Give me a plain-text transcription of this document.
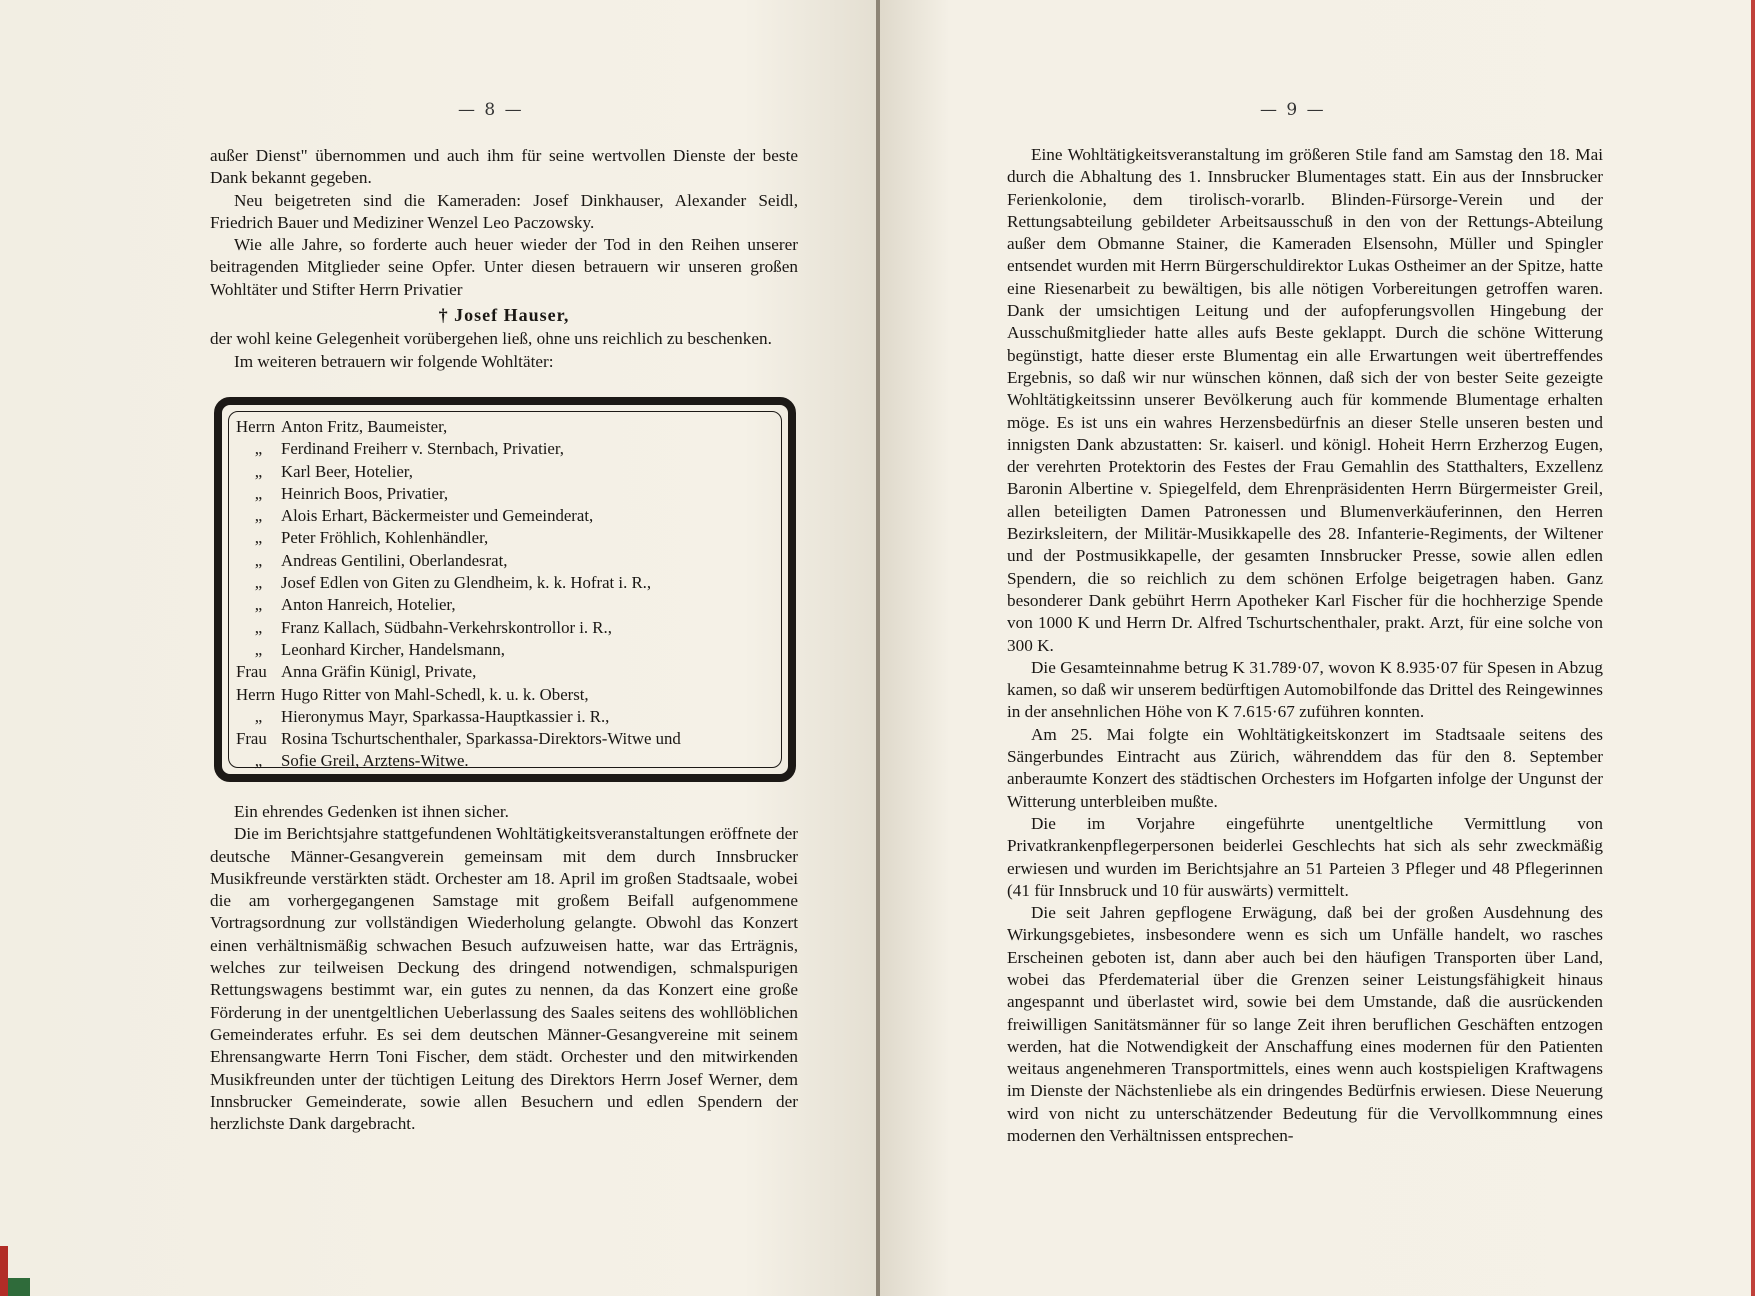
— 8 —

außer Dienst" übernommen und auch ihm für seine wertvollen Dienste der beste Dank bekannt gegeben.

Neu beigetreten sind die Kameraden: Josef Dinkhauser, Alexander Seidl, Friedrich Bauer und Mediziner Wenzel Leo Paczowsky.

Wie alle Jahre, so forderte auch heuer wieder der Tod in den Reihen unserer beitragenden Mitglieder seine Opfer. Unter diesen betrauern wir unseren großen Wohltäter und Stifter Herrn Privatier

† Josef Hauser,

der wohl keine Gelegenheit vorübergehen ließ, ohne uns reichlich zu beschenken.

Im weiteren betrauern wir folgende Wohltäter:

Herrn Anton Fritz, Baumeister,
„ Ferdinand Freiherr v. Sternbach, Privatier,
„ Karl Beer, Hotelier,
„ Heinrich Boos, Privatier,
„ Alois Erhart, Bäckermeister und Gemeinderat,
„ Peter Fröhlich, Kohlenhändler,
„ Andreas Gentilini, Oberlandesrat,
„ Josef Edlen von Giten zu Glendheim, k. k. Hofrat i. R.,
„ Anton Hanreich, Hotelier,
„ Franz Kallach, Südbahn-Verkehrskontrollor i. R.,
„ Leonhard Kircher, Handelsmann,
Frau Anna Gräfin Künigl, Private,
Herrn Hugo Ritter von Mahl-Schedl, k. u. k. Oberst,
„ Hieronymus Mayr, Sparkassa-Hauptkassier i. R.,
Frau Rosina Tschurtschenthaler, Sparkassa-Direktors-Witwe und
„ Sofie Greil, Arztens-Witwe.

Ein ehrendes Gedenken ist ihnen sicher.

Die im Berichtsjahre stattgefundenen Wohltätigkeitsveranstaltungen eröffnete der deutsche Männer-Gesangverein gemeinsam mit dem durch Innsbrucker Musikfreunde verstärkten städt. Orchester am 18. April im großen Stadtsaale, wobei die am vorhergegangenen Samstage mit großem Beifall aufgenommene Vortragsordnung zur vollständigen Wiederholung gelangte. Obwohl das Konzert einen verhältnismäßig schwachen Besuch aufzuweisen hatte, war das Erträgnis, welches zur teilweisen Deckung des dringend notwendigen, schmalspurigen Rettungswagens bestimmt war, ein gutes zu nennen, da das Konzert eine große Förderung in der unentgeltlichen Ueberlassung des Saales seitens des wohllöblichen Gemeinderates erfuhr. Es sei dem deutschen Männer-Gesangvereine mit seinem Ehrensangwarte Herrn Toni Fischer, dem städt. Orchester und den mitwirkenden Musikfreunden unter der tüchtigen Leitung des Direktors Herrn Josef Werner, dem Innsbrucker Gemeinderate, sowie allen Besuchern und edlen Spendern der herzlichste Dank dargebracht.

— 9 —

Eine Wohltätigkeitsveranstaltung im größeren Stile fand am Samstag den 18. Mai durch die Abhaltung des 1. Innsbrucker Blumentages statt. Ein aus der Innsbrucker Ferienkolonie, dem tirolisch-vorarlb. Blinden-Fürsorge-Verein und der Rettungsabteilung gebildeter Arbeitsausschuß in den von der Rettungs-Abteilung außer dem Obmanne Stainer, die Kameraden Elsensohn, Müller und Spingler entsendet wurden mit Herrn Bürgerschuldirektor Lukas Ostheimer an der Spitze, hatte eine Riesenarbeit zu bewältigen, bis alle nötigen Vorbereitungen getroffen waren. Dank der umsichtigen Leitung und der aufopferungsvollen Hingebung der Ausschußmitglieder hatte alles aufs Beste geklappt. Durch die schöne Witterung begünstigt, hatte dieser erste Blumentag ein alle Erwartungen weit übertreffendes Ergebnis, so daß wir nur wünschen können, daß sich der von bester Seite gezeigte Wohltätigkeitssinn unserer Bevölkerung auch für kommende Blumentage erhalten möge. Es ist uns ein wahres Herzensbedürfnis an dieser Stelle unseren besten und innigsten Dank abzustatten: Sr. kaiserl. und königl. Hoheit Herrn Erzherzog Eugen, der verehrten Protektorin des Festes der Frau Gemahlin des Statthalters, Exzellenz Baronin Albertine v. Spiegelfeld, dem Ehrenpräsidenten Herrn Bürgermeister Greil, allen beteiligten Damen Patronessen und Blumenverkäuferinnen, den Herren Bezirksleitern, der Militär-Musikkapelle des 28. Infanterie-Regiments, der Wiltener und der Postmusikkapelle, der gesamten Innsbrucker Presse, sowie allen edlen Spendern, die so reichlich zu dem schönen Erfolge beigetragen haben. Ganz besonderer Dank gebührt Herrn Apotheker Karl Fischer für die hochherzige Spende von 1000 K und Herrn Dr. Alfred Tschurtschenthaler, prakt. Arzt, für eine solche von 300 K.

Die Gesamteinnahme betrug K 31.789·07, wovon K 8.935·07 für Spesen in Abzug kamen, so daß wir unserem bedürftigen Automobilfonde das Drittel des Reingewinnes in der ansehnlichen Höhe von K 7.615·67 zuführen konnten.

Am 25. Mai folgte ein Wohltätigkeitskonzert im Stadtsaale seitens des Sängerbundes Eintracht aus Zürich, währenddem das für den 8. September anberaumte Konzert des städtischen Orchesters im Hofgarten infolge der Ungunst der Witterung unterbleiben mußte.

Die im Vorjahre eingeführte unentgeltliche Vermittlung von Privatkrankenpflegerpersonen beiderlei Geschlechts hat sich als sehr zweckmäßig erwiesen und wurden im Berichtsjahre an 51 Parteien 3 Pfleger und 48 Pflegerinnen (41 für Innsbruck und 10 für auswärts) vermittelt.

Die seit Jahren gepflogene Erwägung, daß bei der großen Ausdehnung des Wirkungsgebietes, insbesondere wenn es sich um Unfälle handelt, wo rasches Erscheinen geboten ist, dann aber auch bei den häufigen Transporten über Land, wobei das Pferdematerial über die Grenzen seiner Leistungsfähigkeit hinaus angespannt und überlastet wird, sowie bei dem Umstande, daß die ausrückenden freiwilligen Sanitätsmänner für so lange Zeit ihren beruflichen Geschäften entzogen werden, hat die Notwendigkeit der Anschaffung eines modernen für den Patienten weitaus angenehmeren Transportmittels, eines wenn auch kostspieligen Kraftwagens im Dienste der Nächstenliebe als ein dringendes Bedürfnis erwiesen. Diese Neuerung wird von nicht zu unterschätzender Bedeutung für die Vervollkommnung eines modernen den Verhältnissen entsprechen-
